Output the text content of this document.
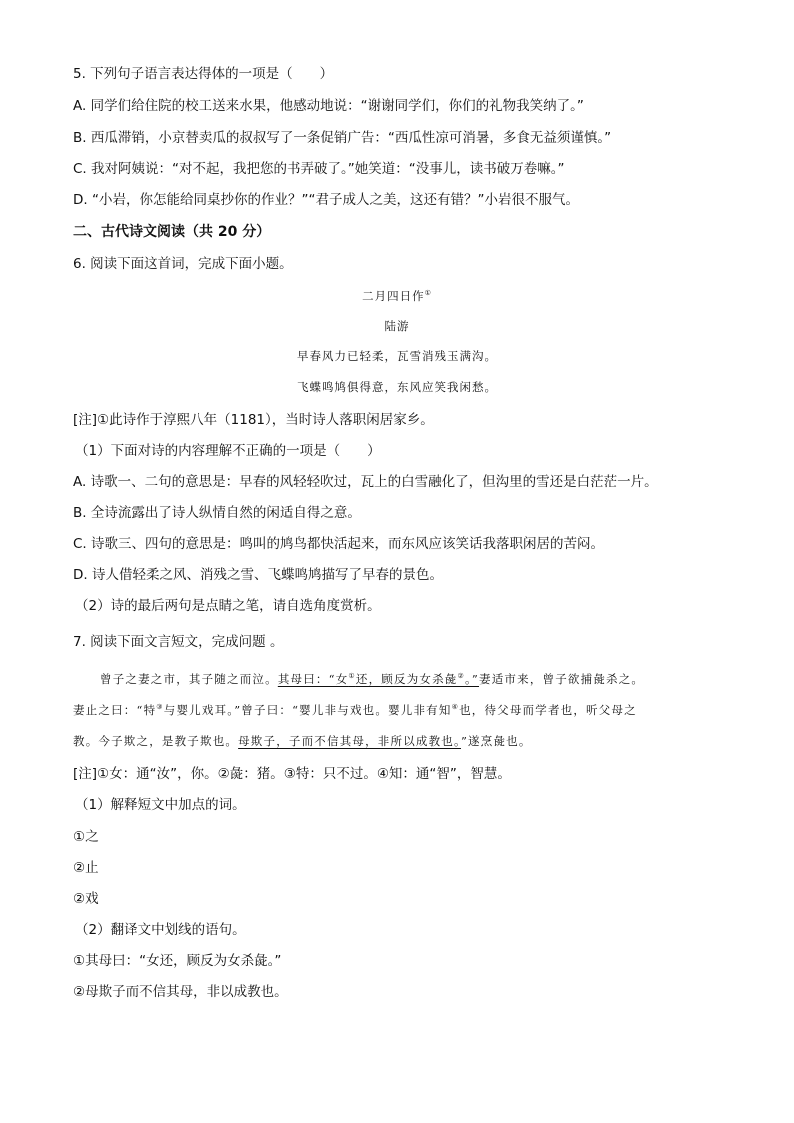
5. 下列句子语言表达得体的一项是（　　）
A. 同学们给住院的校工送来水果，他感动地说：“谢谢同学们，你们的礼物我笑纳了。”
B. 西瓜滞销，小京替卖瓜的叔叔写了一条促销广告：“西瓜性凉可消暑，多食无益须谨慎。”
C. 我对阿姨说：“对不起，我把您的书弄破了。”她笑道：“没事儿，读书破万卷嘛。”
D. “小岩，你怎能给同桌抄你的作业？”“君子成人之美，这还有错？”小岩很不服气。
二、古代诗文阅读（共 20 分）
6. 阅读下面这首词，完成下面小题。
二月四日作①
陆游
早春风力已轻柔，瓦雪消残玉满沟。
飞蝶鸣鸠俱得意，东风应笑我闲愁。
[注]①此诗作于淳熙八年（1181），当时诗人落职闲居家乡。
（1）下面对诗的内容理解不正确的一项是（　　）
A. 诗歌一、二句的意思是：早春的风轻轻吹过，瓦上的白雪融化了，但沟里的雪还是白茫茫一片。
B. 全诗流露出了诗人纵情自然的闲适自得之意。
C. 诗歌三、四句的意思是：鸣叫的鸠鸟都快活起来，而东风应该笑话我落职闲居的苦闷。
D. 诗人借轻柔之风、消残之雪、飞蝶鸣鸠描写了早春的景色。
（2）诗的最后两句是点睛之笔，请自选角度赏析。
7. 阅读下面文言短文，完成问题 。
曾子之妻之市，其子随之而泣。其母曰：“女①还，顾反为女杀彘②。”妻适市来，曾子欲捕彘杀之。
妻止之曰：“特③与婴儿戏耳。”曾子曰：“婴儿非与戏也。婴儿非有知④也，待父母而学者也，听父母之
教。今子欺之，是教子欺也。母欺子，子而不信其母，非所以成教也。”遂烹彘也。
[注]①女：通“汝”，你。②彘：猪。③特：只不过。④知：通“智”，智慧。
（1）解释短文中加点的词。
①之
②止
②戏
（2）翻译文中划线的语句。
①其母曰：“女还，顾反为女杀彘。”
②母欺子而不信其母，非以成教也。
